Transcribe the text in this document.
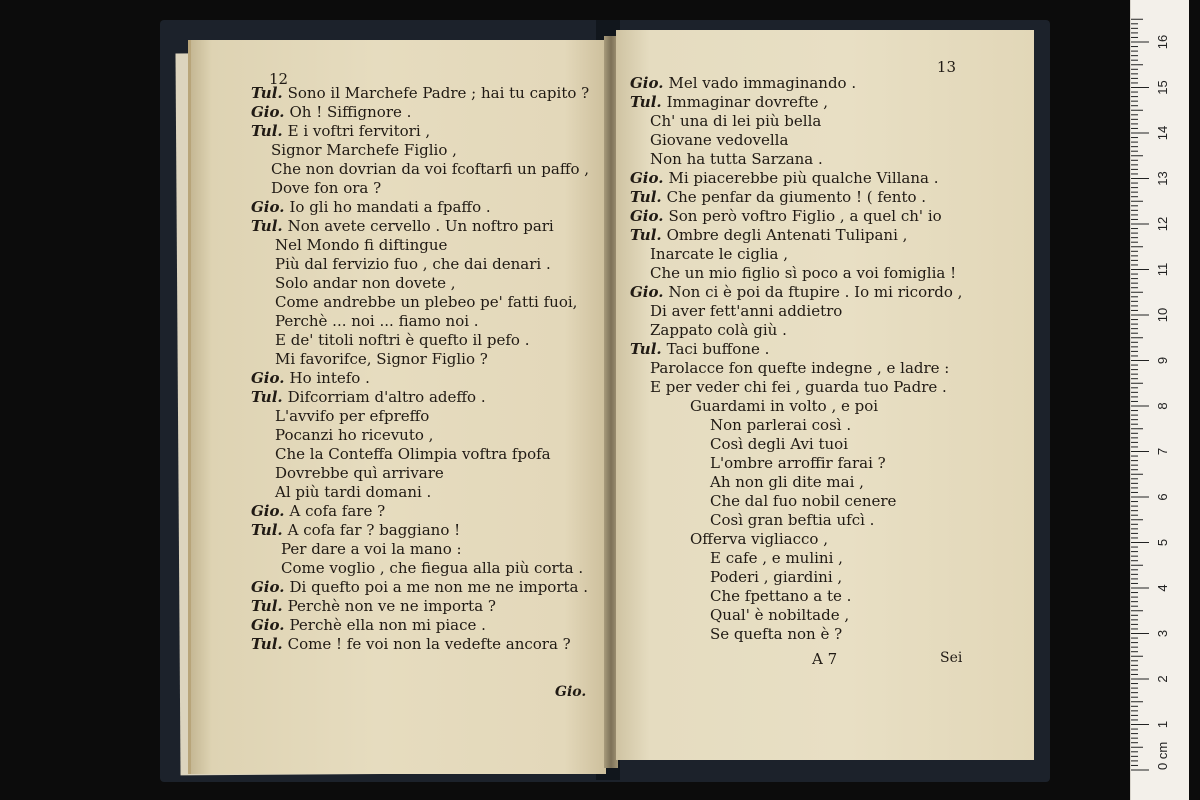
12
Tul. Sono il Marchefe Padre ; hai tu capito ?
Gio. Oh ! Siffignore .
Tul. E i voftri fervitori ,
Signor Marchefe Figlio ,
Che non dovrian da voi fcoftarfi un paffo ,
Dove fon ora ?
Gio. Io gli ho mandati a fpaffo .
Tul. Non avete cervello . Un noftro pari
Nel Mondo fi diftingue
Più dal fervizio fuo , che dai denari .
Solo andar non dovete ,
Come andrebbe un plebeo pe' fatti fuoi,
Perchè ... noi ... fiamo noi .
E de' titoli noftri è quefto il pefo .
Mi favorifce, Signor Figlio ?
Gio. Ho intefo .
Tul. Difcorriam d'altro adeffo .
L'avvifo per efpreffo
Pocanzi ho ricevuto ,
Che la Conteffa Olimpia voftra fpofa
Dovrebbe quì arrivare
Al più tardi domani .
Gio. A cofa fare ?
Tul. A cofa far ? baggiano !
Per dare a voi la mano :
Come voglio , che fiegua alla più corta .
Gio. Di quefto poi a me non me ne importa .
Tul. Perchè non ve ne importa ?
Gio. Perchè ella non mi piace .
Tul. Come ! fe voi non la vedefte ancora ?
Gio.
13
Gio. Mel vado immaginando .
Tul. Immaginar dovrefte ,
Ch' una di lei più bella
Giovane vedovella
Non ha tutta Sarzana .
Gio. Mi piacerebbe più qualche Villana .
Tul. Che penfar da giumento ! ( fento .
Gio. Son però voftro Figlio , a quel ch' io
Tul. Ombre degli Antenati Tulipani ,
Inarcate le ciglia ,
Che un mio figlio sì poco a voi fomiglia !
Gio. Non ci è poi da ftupire . Io mi ricordo ,
Di aver fett'anni addietro
Zappato colà giù .
Tul. Taci buffone .
Parolacce fon quefte indegne , e ladre :
E per veder chi fei , guarda tuo Padre .
Guardami in volto , e poi
Non parlerai così .
Così degli Avi tuoi
L'ombre arroffir farai ?
Ah non gli dite mai ,
Che dal fuo nobil cenere
Così gran beftia ufcì .
Offerva vigliacco ,
E cafe , e mulini ,
Poderi , giardini ,
Che fpettano a te .
Qual' è nobiltade ,
Se quefta non è ?
A 7	Sei
0 cm
1
2
3
4
5
6
7
8
9
10
11
12
13
14
15
16
